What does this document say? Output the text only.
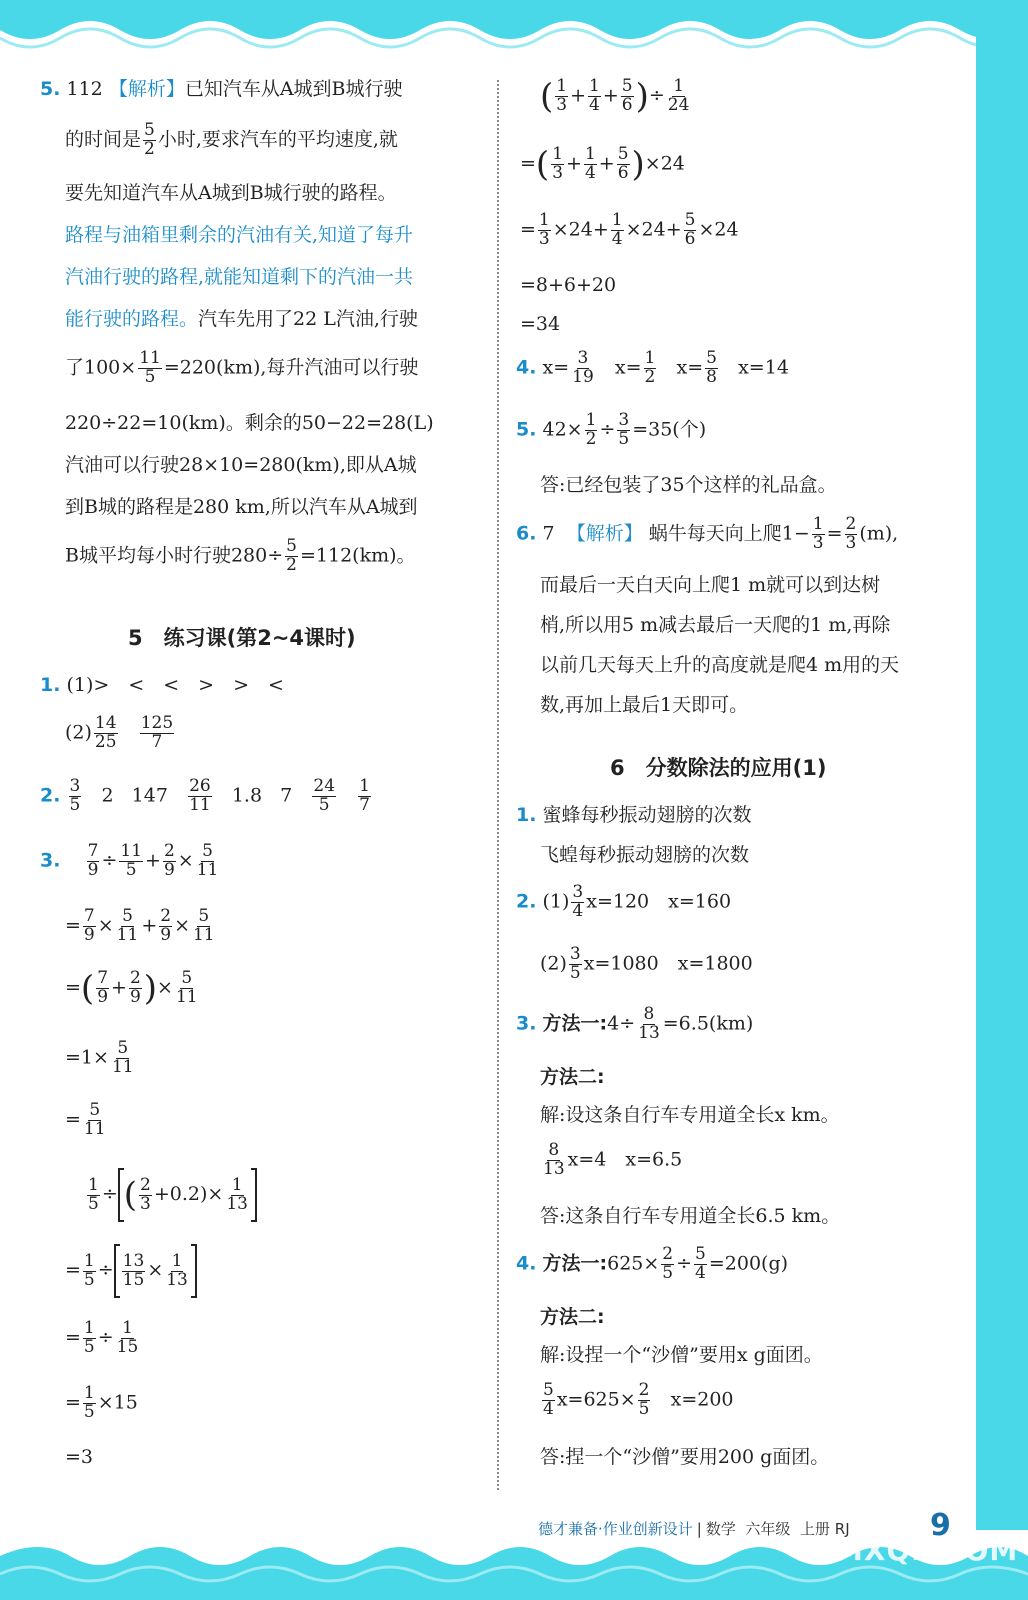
5. 112 【解析】已知汽车从A城到B城行驶
的时间是 $\frac{5}{2}$ 小时,要求汽车的平均速度,就
要先知道汽车从A城到B城行驶的路程。
路程与油箱里剩余的汽油有关,知道了每升
汽油行驶的路程,就能知道剩下的汽油一共
能行驶的路程。汽车先用了22 L汽油,行驶
了$100\times \frac{11}{5} =220(km)$,每升汽油可以行驶
220÷22=10(km)。剩余的50−22=28(L)
汽油可以行驶28×10=280(km),即从A城
到B城的路程是280 km,所以汽车从A城到
B城平均每小时行驶$280\div \frac{5}{2} =112(km)$。
5　练习课(第2~4课时)
1. (1)>　<　<　>　>　<
$(2) \frac{14}{25}$
$\frac{125}{7}$
2. $\frac{3}{5} 2$ $147 \frac{26}{11} 1.8$ $7 \frac{24}{5}$
$\frac{1}{7}$
3. $\frac{7}{9} \div \frac{11}{5} + \frac{2}{9} \times \frac{5}{11}$
= $\frac{7}{9} \times \frac{5}{11} + \frac{2}{9} \times \frac{5}{11}$
=( $\frac{7}{9} + \frac{2}{9}$ )× $\frac{5}{11}$
$=1\times \frac{5}{11}$
= $\frac{5}{11}$
$\frac{1}{5}$ ÷ ( $\frac{2}{3} +0.2)\times \frac{1}{13}$
= $\frac{1}{5} \div \frac{13}{15} \times \frac{1}{13}$
= $\frac{1}{5} \div \frac{1}{15}$
= $\frac{1}{5} \times 15$
=3
( $\frac{1}{3} + \frac{1}{4} + \frac{5}{6}$ )÷ $\frac{1}{24}$
=( $\frac{1}{3} + \frac{1}{4} + \frac{5}{6} )\times 24$
= $\frac{1}{3} \times 24+ \frac{1}{4} \times 24+ \frac{5}{6} \times 24$
=8+6+20
=34
4. $x= \frac{3}{19} x= \frac{1}{2} x= \frac{5}{8} x=14$
5. $42\times \frac{1}{2} \div \frac{3}{5} =35$(个)
答:已经包装了35个这样的礼品盒。
6. 7 【解析】 蜗牛每天向上爬$1- \frac{1}{3} = \frac{2}{3} (m)$,
而最后一天白天向上爬1 m就可以到达树
梢,所以用5 m减去最后一天爬的1 m,再除
以前几天每天上升的高度就是爬4 m用的天
数,再加上最后1天即可。
6　分数除法的应用(1)
1. 蜜蜂每秒振动翅膀的次数
飞蝗每秒振动翅膀的次数
2. $(1) \frac{3}{4} x=120$　x=160
$(2) \frac{3}{5} x=1080$　x=1800
3. 方法一:4÷ $\frac{8}{13} =6.5(km)$
方法二:
解:设这条自行车专用道全长x km。
$\frac{8}{13} x=4$　x=6.5
答:这条自行车专用道全长6.5 km。
4. 方法一:625× $\frac{2}{5} \div \frac{5}{4} =200(g)$
方法二:
解:设捏一个“沙僧”要用x g面团。
$\frac{5}{4} x=625\times \frac{2}{5} x=200$
答:捏一个“沙僧”要用200 g面团。
德才兼备·作业创新设计 | 数学 六年级 上册 RJ	9
MXQE.COM
